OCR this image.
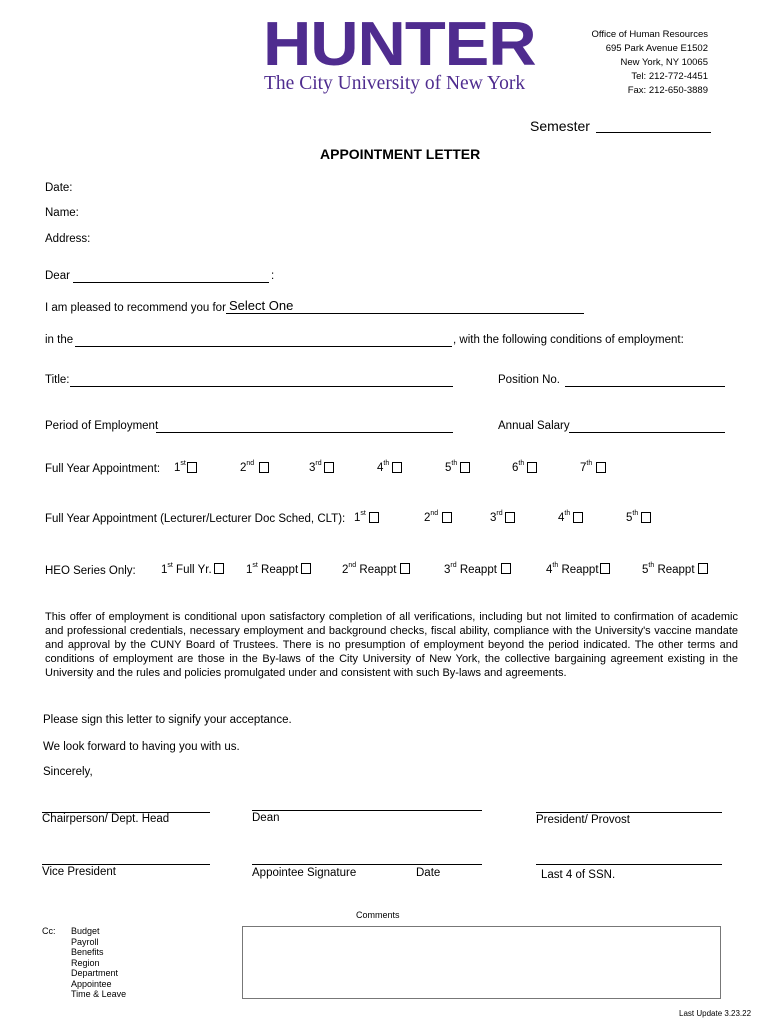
HUNTER
The City University of New York
Office of Human Resources
695 Park Avenue E1502
New York, NY 10065
Tel: 212-772-4451
Fax: 212-650-3889
Semester
APPOINTMENT LETTER
Date:
Name:
Address:
Dear	:
I am pleased to recommend you for Select One
in the	, with the following conditions of employment:
Title:	Position No.
Period of Employment	Annual Salary
Full Year Appointment: 1st	2nd	3rd	4th	5th	6th	7th
Full Year Appointment (Lecturer/Lecturer Doc Sched, CLT): 1st	2nd	3rd	4th	5th
HEO Series Only: 1st Full Yr.	1st Reappt	2nd Reappt	3rd Reappt	4th Reappt	5th Reappt
This offer of employment is conditional upon satisfactory completion of all verifications, including but not limited to confirmation of academic and professional credentials, necessary employment and background checks, fiscal ability, compliance with the University's vaccine mandate and approval by the CUNY Board of Trustees. There is no presumption of employment beyond the period indicated. The other terms and conditions of employment are those in the By-laws of the City University of New York, the collective bargaining agreement existing in the University and the rules and policies promulgated under and consistent with such By-laws and agreements.
Please sign this letter to signify your acceptance.
We look forward to having you with us.
Sincerely,
Chairperson/ Dept. Head	Dean	President/ Provost
Vice President	Appointee Signature	Date	Last 4 of SSN.
Comments
Cc: Budget
Payroll
Benefits
Region
Department
Appointee
Time & Leave
Last Update 3.23.22
